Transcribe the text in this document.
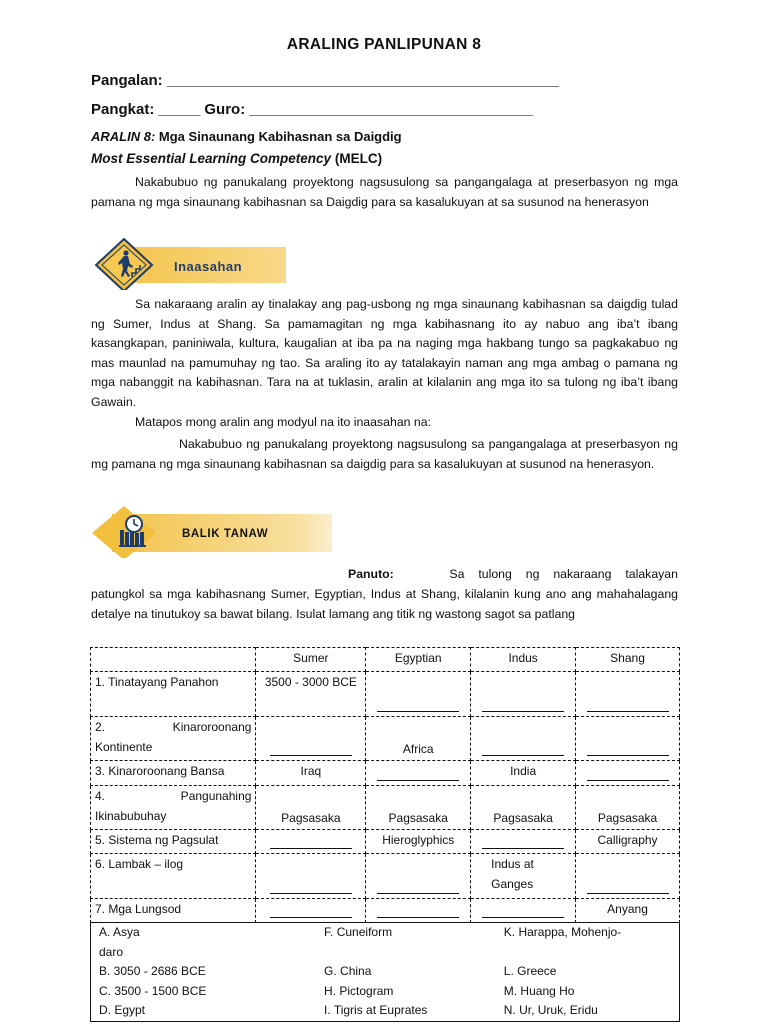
ARALING PANLIPUNAN 8
Pangalan: _______________________________________________
Pangkat: _____ Guro: __________________________________
ARALIN 8: Mga Sinaunang Kabihasnan sa Daigdig
Most Essential Learning Competency (MELC)
Nakabubuo ng panukalang proyektong nagsusulong sa pangangalaga at preserbasyon ng mga pamana ng mga sinaunang kabihasnan sa Daigdig para sa kasalukuyan at sa susunod na henerasyon
Inaasahan
Sa nakaraang aralin ay tinalakay ang pag-usbong ng mga sinaunang kabihasnan sa daigdig tulad ng Sumer, Indus at Shang. Sa pamamagitan ng mga kabihasnang ito ay nabuo ang iba’t ibang kasangkapan, paniniwala, kultura, kaugalian at iba pa na naging mga hakbang tungo sa pagkakabuo ng mas maunlad na pamumuhay ng tao. Sa araling ito ay tatalakayin naman ang mga ambag o pamana ng mga nabanggit na kabihasnan. Tara na at tuklasin, aralin at kilalanin ang mga ito sa tulong ng iba’t ibang Gawain.
Matapos mong aralin ang modyul na ito inaasahan na:
Nakabubuo ng panukalang proyektong nagsusulong sa pangangalaga at preserbasyon ng mg pamana ng mga sinaunang kabihasnan sa daigdig para sa kasalukuyan at susunod na henerasyon.
BALIK TANAW
Panuto:	Sa tulong ng nakaraang talakayan
patungkol sa mga kabihasnang Sumer, Egyptian, Indus at Shang, kilalanin kung ano ang mahahalagang detalye na tinutukoy sa bawat bilang. Isulat lamang ang titik ng wastong sagot sa patlang
	Sumer	Egyptian	Indus	Shang
1. Tinatayang Panahon	3500 - 3000 BCE			

2. Kinaroroonang
Kontinente		Africa		
3. Kinaroroonang Bansa	Iraq		India	

4. Pangunahing
Ikinabubuhay	Pagsasaka	Pagsasaka	Pagsasaka	Pagsasaka
5. Sistema ng Pagsulat		Hieroglyphics		Calligraphy
6. Lambak – ilog			Indus at Ganges	
7. Mga Lungsod				Anyang
A. Asya	F. Cuneiform	K. Harappa, Mohenjo-
daro		
B. 3050 - 2686 BCE	G. China	L. Greece
C. 3500 - 1500 BCE	H. Pictogram	M. Huang Ho
D. Egypt	I. Tigris at Euprates	N. Ur, Uruk, Eridu
